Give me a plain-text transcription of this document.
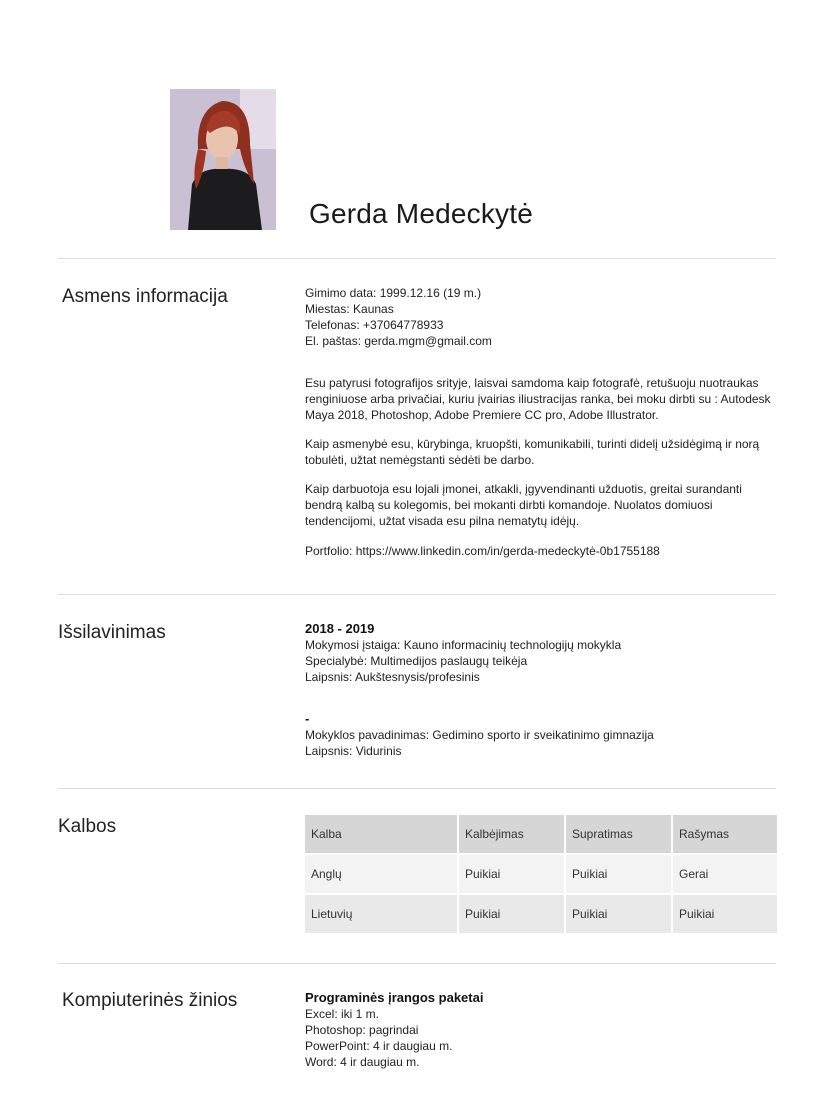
Gerda Medeckytė
Asmens informacija	Gimimo data: 1999.12.16 (19 m.)

Miestas: Kaunas

Telefonas: +37064778933

El. paštas: gerda.mgm@gmail.com

Esu patyrusi fotografijos srityje, laisvai samdoma kaip fotografė, retušuoju nuotraukas renginiuose arba privačiai, kuriu įvairias iliustracijas ranka, bei moku dirbti su : Autodesk Maya 2018, Photoshop, Adobe Premiere CC pro, Adobe Illustrator.

Kaip asmenybė esu, kūrybinga, kruopšti, komunikabili, turinti didelį užsidėgimą ir norą tobulėti, užtat nemėgstanti sėdėti be darbo.

Kaip darbuotoja esu lojali įmonei, atkakli, įgyvendinanti užduotis, greitai surandanti bendrą kalbą su kolegomis, bei mokanti dirbti komandoje. Nuolatos domiuosi tendencijomi, užtat visada esu pilna nematytų idėjų.

Portfolio: https://www.linkedin.com/in/gerda-medeckytė-0b1755188

Išsilavinimas	2018 - 2019

Mokymosi įstaiga: Kauno informacinių technologijų mokykla

Specialybė: Multimedijos paslaugų teikėja

Laipsnis: Aukštesnysis/profesinis

-

Mokyklos pavadinimas: Gedimino sporto ir sveikatinimo gimnazija

Laipsnis: Vidurinis

Kalbos	Kalba	Kalbėjimas	Supratimas	Rašymas
Anglų	Puikiai	Puikiai	Gerai
Lietuvių	Puikiai	Puikiai	Puikiai
Kompiuterinės žinios	Programinės įrangos paketai

Excel: iki 1 m.

Photoshop: pagrindai

PowerPoint: 4 ir daugiau m.

Word: 4 ir daugiau m.
